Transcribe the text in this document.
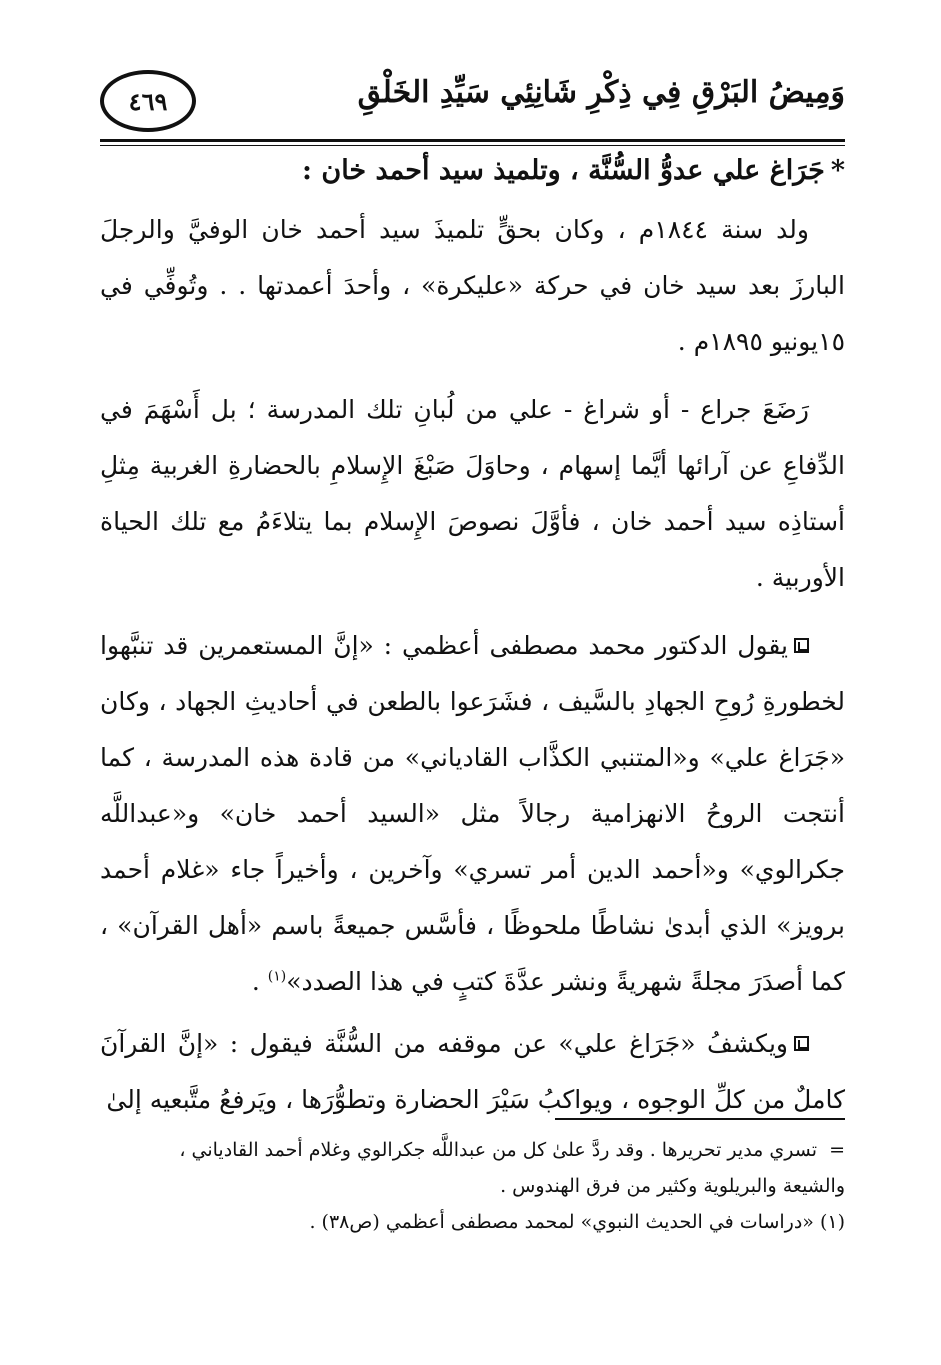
٤٦٩	وَمِيضُ البَرْقِ فِي ذِكْرِ شَانِئِي سَيِّدِ الخَلْقِ
*جَرَاغ علي عدوُّ السُّنَّة ، وتلميذ سيد أحمد خان :

ولد سنة ١٨٤٤م ، وكان بحقٍّ تلميذَ سيد أحمد خان الوفيَّ والرجلَ البارزَ بعد سيد خان في حركة «عليكرة» ، وأحدَ أعمدتها . . وتُوفِّي في ١٥يونيو ١٨٩٥م .

رَضَعَ جراع - أو شراغ - علي من لُبانِ تلك المدرسة ؛ بل أَسْهَمَ في الدِّفاعِ عن آرائها أيَّما إسهام ، وحاوَلَ صَبْغَ الإِسلامِ بالحضارةِ الغربية مِثلِ أستاذِه سيد أحمد خان ، فأوَّلَ نصوصَ الإِسلام بما يتلاءَمُ مع تلك الحياة الأوربية .

يقول الدكتور محمد مصطفى أعظمي : «إنَّ المستعمرين قد تنبَّهوا لخطورةِ رُوحِ الجهادِ بالسَّيف ، فشَرَعوا بالطعن في أحاديثِ الجهاد ، وكان «جَرَاغ علي» و«المتنبي الكذَّاب القادياني» من قادة هذه المدرسة ، كما أنتجت الروحُ الانهزامية رجالاً مثل «السيد أحمد خان» و«عبداللَّه جكرالوي» و«أحمد الدين أمر تسري» وآخرين ، وأخيراً جاء «غلام أحمد برويز» الذي أبدىٰ نشاطًا ملحوظًا ، فأسَّس جميعةً باسم «أهل القرآن» ، كما أصدَرَ مجلةً شهريةً ونشر عدَّةَ كتبٍ في هذا الصدد»$^{(١)}$ .

ويكشفُ «جَرَاغ علي» عن موقفه من السُّنَّة فيقول : «إنَّ القرآنَ كاملٌ من كلِّ الوجوه ، ويواكبُ سَيْرَ الحضارة وتطوُّرَها ، ويَرفعُ متَّبعيه إلىٰ

=  تسري مدير تحريرها . وقد ردَّ علىٰ كل من عبداللَّه جكرالوي وغلام أحمد القادياني ،

والشيعة والبريلوية وكثير من فرق الهندوس .

(١) «دراسات في الحديث النبوي» لمحمد مصطفى أعظمي (ص٣٨) .
